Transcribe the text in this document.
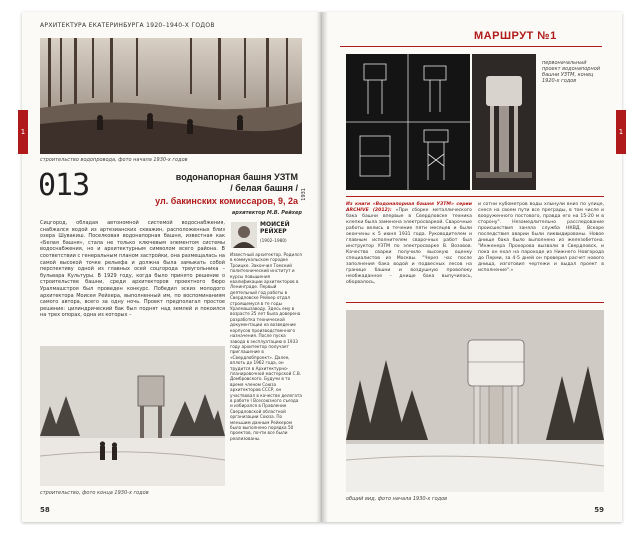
АРХИТЕКТУРА ЕКАТЕРИНБУРГА 1920–1940-Х ГОДОВ
строительство водопровода, фото начала 1930-х годов
013	водонапорная башня УЗТМ
/ белая башня / 1931
ул. бакинских комиссаров, 9, 2а
архитектор М.В. Рейхер
Сицгород, обладая автономной системой водоснабжения, снабжался водой из артезианских скважин, расположенных близ озера Шувакиш. Поселковая водонапорная башня, известная как «Белая башня», стала не только ключевым элементом системы водоснабжения, но и архитектурным символом всего района. В соответствии с генеральным планом застройки, она размещалась на самой высокой точке рельефа и должна была замыкать собой перспективу одной из главных осей соцгорода треугольника – бульвара Культуры. В 1929 году, когда было принято решение о строительстве башни, среди архитекторов проектного бюро Уралмашстроя был проведен конкурс. Победил эскиз молодого архитектора Моисея Рейхера, выполненный им, по воспоминаниям самого автора, всего за одну ночь. Проект предполагал простое решение: цилиндрический бак был поднят над землей и покоился на трех опорах, одна из которых –
МОИСЕЙ РЕЙХЕР
(1902–1980)
Известный архитектор. Родился в коммунальском городке Троицке. Закончил Томский политехнический институт и курсы повышения квалификации архитекторов в Ленинграде. Первый деятельный год работы в Свердловске Рейхер отдал строящемуся в те годы Уралмашзаводу. Здесь ему в возрасте 25 лет была доверена разработка технической документации на возведение корпусов производственного назначения. После пуска завода в эксплуатацию в 1933 году архитектор получает приглашение в «Свердлобпроект». Далее, вплоть до 1962 года, он трудится в Архитектурно-планировочной мастерской С.В. Домбровского. Будучи в то время членом Союза архитекторов СССР, он участвовал в качестве делегата в работе I Всесоюзного съезда и избирался в Правление Свердловской областной организации Союза. По меньшим данным Рейхером было выполнено порядка 50 проектов, почти все были реализованы.
строительство, фото конца 1930-х годов
58
1
МАРШРУТ №1
первоначальный проект водонапорной башни УЗТМ, конец 1920-х годов
Из книги «Водонапорная башня УЗТМ» серии ARCHIVE (2012): «При сборке металлического бака башни впервые в Свердловске техника клепки была заменена электросваркой. Сварочные работы велись в течение пяти месяцев и были окончены к 5 июня 1931 года. Руководителем и главным исполнителем сварочных работ был инструктор УЗТМ по электросварке В. Возовов. Качество сварки получило высокую оценку специалистов из Москвы. "Через час после заполнения бака водой и подвесных лесов на границе башни и воздушную проволоку необжаданное – днище бака выпучилось, оборвалось,
и сотни кубометров воды хлынули вниз по улице, снеся на своем пути все преграды, в том числе и вооруженного постового, правда его на 15-20 м в сторону". Незамедлительно расследование происшествия заняла служба НКВД. Вскоре последствия аварии были ликвидированы. Новое днище бака было выполнено из железобетона. "Инженера Прохорова вызвали в Свердловск, и пока он ехал на пароходе из Нижнего Новгорода до Перми, за 4-5 дней он проверил расчет нового днища, изготовил чертежи и выдал проект в исполнение".»
общий вид, фото начала 1930-х годов
59
1
